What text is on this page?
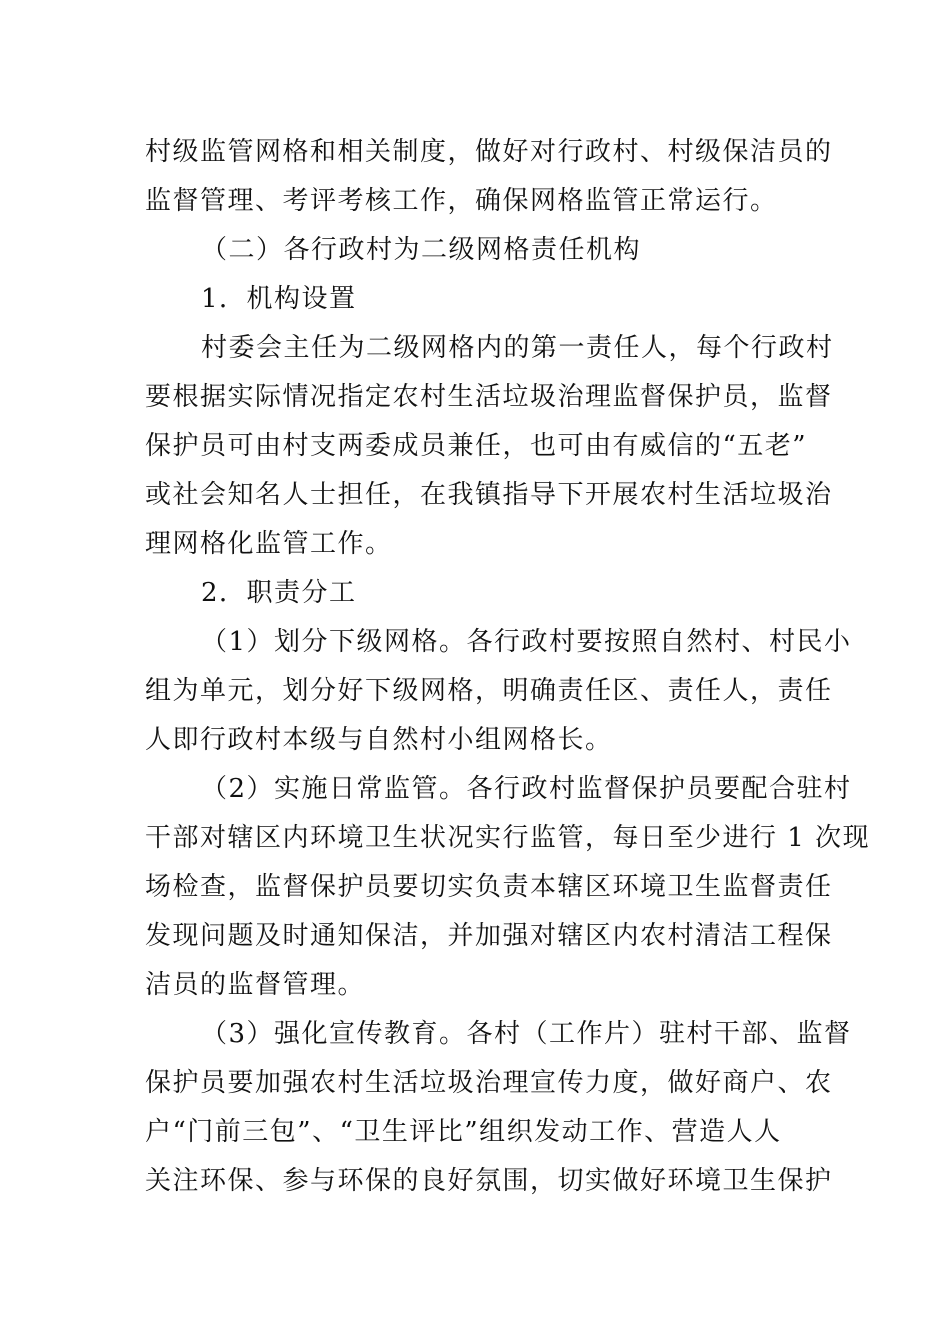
村级监管网格和相关制度，做好对行政村、村级保洁员的
监督管理、考评考核工作，确保网格监管正常运行。
（二）各行政村为二级网格责任机构
1．机构设置
村委会主任为二级网格内的第一责任人，每个行政村
要根据实际情况指定农村生活垃圾治理监督保护员，监督
保护员可由村支两委成员兼任，也可由有威信的“五老”
或社会知名人士担任，在我镇指导下开展农村生活垃圾治
理网格化监管工作。
2．职责分工
（1）划分下级网格。各行政村要按照自然村、村民小
组为单元，划分好下级网格，明确责任区、责任人，责任
人即行政村本级与自然村小组网格长。
（2）实施日常监管。各行政村监督保护员要配合驻村
干部对辖区内环境卫生状况实行监管，每日至少进行 1 次现
场检查，监督保护员要切实负责本辖区环境卫生监督责任
发现问题及时通知保洁，并加强对辖区内农村清洁工程保
洁员的监督管理。
（3）强化宣传教育。各村（工作片）驻村干部、监督
保护员要加强农村生活垃圾治理宣传力度，做好商户、农
户“门前三包”、“卫生评比”组织发动工作、营造人人
关注环保、参与环保的良好氛围，切实做好环境卫生保护
